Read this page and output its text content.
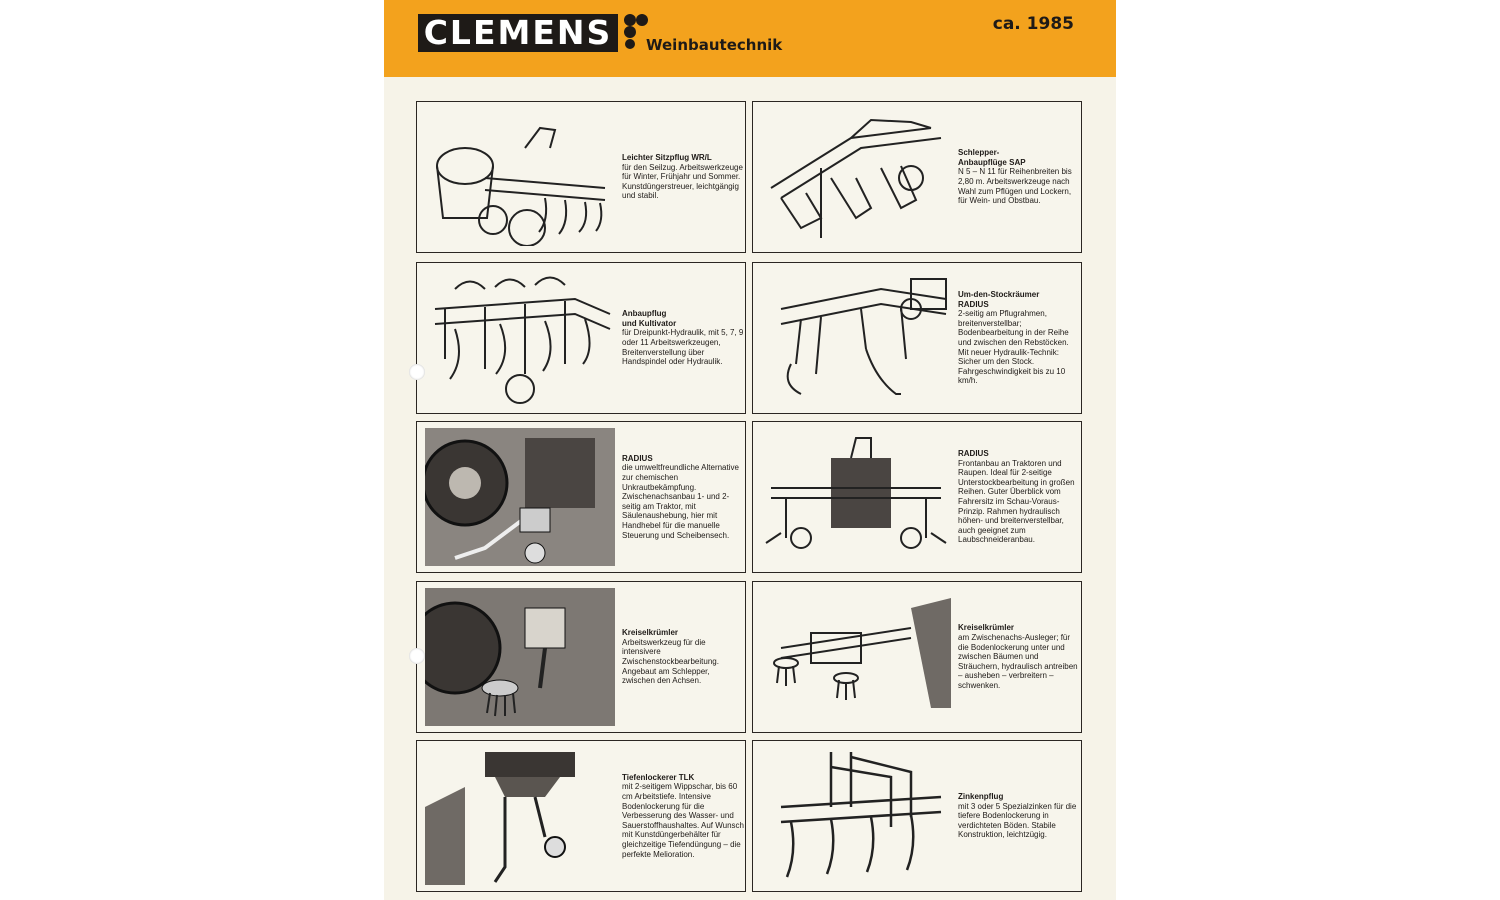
CLEMENS	Weinbautechnik
ca. 1985
Leichter Sitzpflug WR/L
für den Seilzug. Arbeitswerkzeuge für Winter, Frühjahr und Sommer. Kunstdüngerstreuer, leichtgängig und stabil.
Schlepper-
Anbaupflüge SAP
N 5 – N 11 für Reihenbreiten bis 2,80 m. Arbeitswerkzeuge nach Wahl zum Pflügen und Lockern, für Wein- und Obstbau.
Anbaupflug
und Kultivator
für Dreipunkt-Hydraulik, mit 5, 7, 9 oder 11 Arbeitswerkzeugen, Breitenverstellung über Handspindel oder Hydraulik.
Um-den-Stockräumer
RADIUS
2-seitig am Pflugrahmen, breitenverstellbar; Bodenbearbeitung in der Reihe und zwischen den Rebstöcken. Mit neuer Hydraulik-Technik: Sicher um den Stock. Fahrgeschwindigkeit bis zu 10 km/h.
RADIUS
die umweltfreundliche Alternative zur chemischen Unkrautbekämpfung. Zwischenachsanbau 1- und 2-seitig am Traktor, mit Säulenaushebung, hier mit Handhebel für die manuelle Steuerung und Scheibensech.
RADIUS
Frontanbau an Traktoren und Raupen. Ideal für 2-seitige Unterstockbearbeitung in großen Reihen. Guter Überblick vom Fahrersitz im Schau-Voraus-Prinzip. Rahmen hydraulisch höhen- und breitenverstellbar, auch geeignet zum Laubschneideranbau.
Kreiselkrümler
Arbeitswerkzeug für die intensivere Zwischenstockbearbeitung. Angebaut am Schlepper, zwischen den Achsen.
Kreiselkrümler
am Zwischenachs-Ausleger; für die Bodenlockerung unter und zwischen Bäumen und Sträuchern, hydraulisch antreiben – ausheben – verbreitern – schwenken.
Tiefenlockerer TLK
mit 2-seitigem Wippschar, bis 60 cm Arbeitstiefe. Intensive Bodenlockerung für die Verbesserung des Wasser- und Sauerstoffhaushaltes. Auf Wunsch mit Kunstdüngerbehälter für gleichzeitige Tiefendüngung – die perfekte Melioration.
Zinkenpflug
mit 3 oder 5 Spezialzinken für die tiefere Bodenlockerung in verdichteten Böden. Stabile Konstruktion, leichtzügig.
